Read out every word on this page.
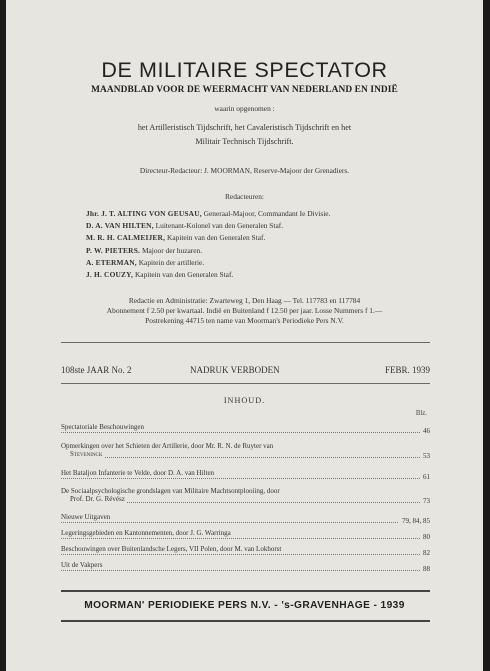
DE MILITAIRE SPECTATOR
MAANDBLAD VOOR DE WEERMACHT VAN NEDERLAND EN INDIË
waarin opgenomen :
het Artilleristisch Tijdschrift, het Cavaleristisch Tijdschrift en het
Militair Technisch Tijdschrift.
Directeur-Redacteur: J. MOORMAN, Reserve-Majoor der Grenadiers.
Redacteuren:
Jhr. J. T. ALTING VON GEUSAU, Generaal-Majoor, Commandant Ie Divisie.
D. A. VAN HILTEN, Luitenant-Kolonel van den Generalen Staf.
M. R. H. CALMEIJER, Kapitein van den Generalen Staf.
P. W. PIETERS. Majoor der huzaren.
A. ETERMAN, Kapitein der artillerie.
J. H. COUZY, Kapitein van den Generalen Staf.
Redactie en Administratie: Zwarteweg 1, Den Haag — Tel. 117783 en 117784
Abonnement f 2.50 per kwartaal. Indië en Buitenland f 12.50 per jaar. Losse Nummers f 1.—
Postrekening 44715 ten name van Moorman's Periodieke Pers N.V.
108ste JAAR No. 2	NADRUK VERBODEN	FEBR. 1939
INHOUD.
Blz.
Spectatoriale Beschouwingen	46
Opmerkingen over het Schieten der Artillerie, door Mr. R. N. de Ruyter van
Steveninck	53
Het Bataljon Infanterie te Velde, door D. A. van Hilten	61
De Sociaalpsychologische grondslagen van Militaire Machtsontplooiing, door
Prof. Dr. G. Révész	73
Nieuwe Uitgaven	79, 84, 85
Legeringsgebieden en Kantonnementen, door J. G. Warringa	80
Beschouwingen over Buitenlandsche Legers, VII Polen, door M. van Lokhorst	82
Uit de Vakpers	88
MOORMAN' PERIODIEKE PERS N.V. - 's-GRAVENHAGE - 1939
